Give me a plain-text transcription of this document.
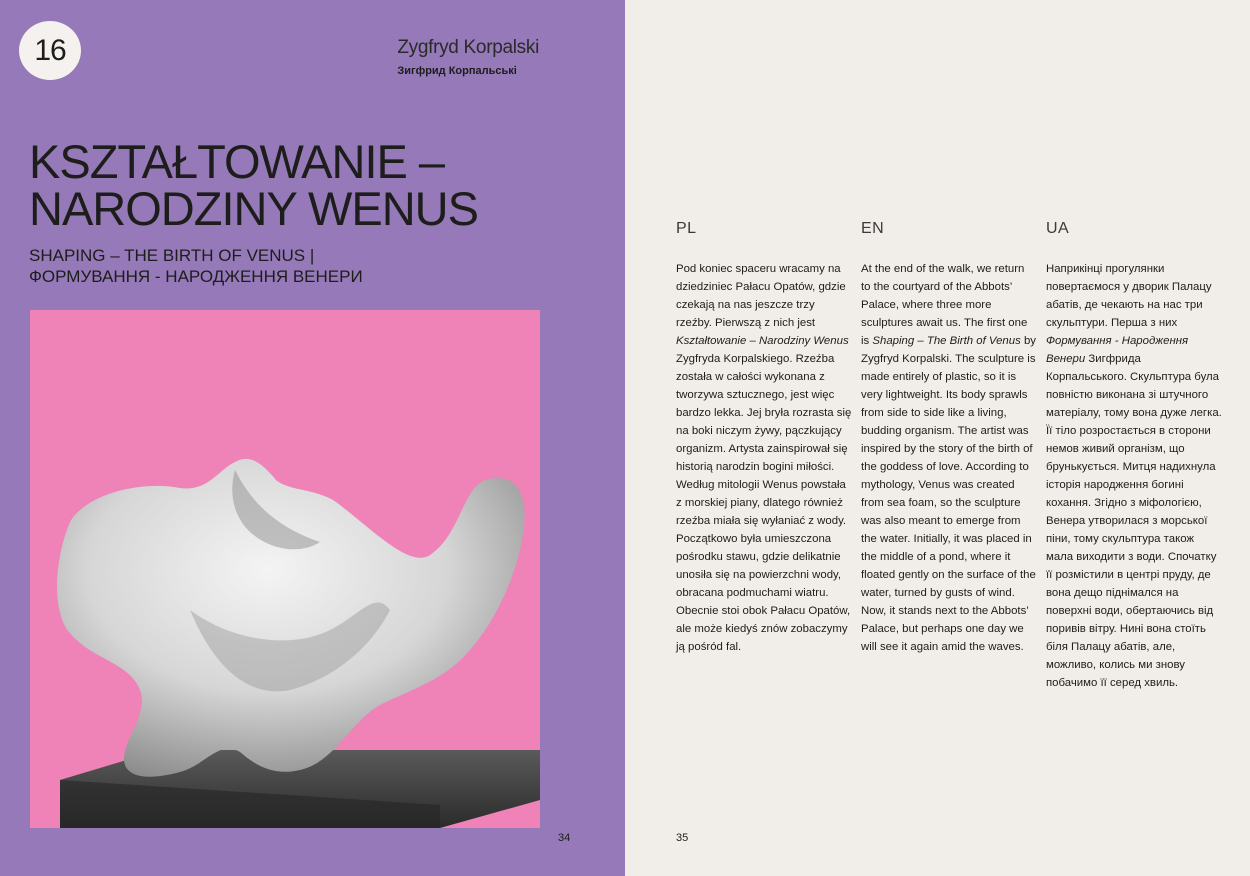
16	Zygfryd Korpalski
Зигфрид Корпальські
KSZTAŁTOWANIE –
NARODZINY WENUS
SHAPING – THE BIRTH OF VENUS |
ФОРМУВАННЯ - НАРОДЖЕННЯ ВЕНЕРИ
34
PL
Pod koniec spaceru wracamy na dziedziniec Pałacu Opatów, gdzie czekają na nas jeszcze trzy rzeźby. Pierwszą z nich jest Kształtowanie – Narodziny Wenus Zygfryda Korpalskiego. Rzeźba została w całości wykonana z tworzywa sztucznego, jest więc bardzo lekka. Jej bryła rozrasta się na boki niczym żywy, pączkujący organizm. Artysta zainspirował się historią narodzin bogini miłości. Według mitologii Wenus powstała z morskiej piany, dlatego również rzeźba miała się wyłaniać z wody. Początkowo była umieszczona pośrodku stawu, gdzie delikatnie unosiła się na powierzchni wody, obracana podmuchami wiatru. Obecnie stoi obok Pałacu Opatów, ale może kiedyś znów zobaczymy ją pośród fal.
EN
At the end of the walk, we return to the courtyard of the Abbots’ Palace, where three more sculptures await us. The first one is Shaping – The Birth of Venus by Zygfryd Korpalski. The sculpture is made entirely of plastic, so it is very lightweight. Its body sprawls from side to side like a living, budding organism. The artist was inspired by the story of the birth of the goddess of love. According to mythology, Venus was created from sea foam, so the sculpture was also meant to emerge from the water. Initially, it was placed in the middle of a pond, where it floated gently on the surface of the water, turned by gusts of wind. Now, it stands next to the Abbots’ Palace, but perhaps one day we will see it again amid the waves.
UA
Наприкінці прогулянки повертаємося у дворик Палацу абатів, де чекають на нас три скульптури. Перша з них Формування - Народження Венери Зигфрида Корпальського. Скульптура була повністю виконана зі штучного матеріалу, тому вона дуже легка. Її тіло розростається в сторони немов живий організм, що брунькується. Митця надихнула історія народження богині кохання. Згідно з міфологією, Венера утворилася з морської піни, тому скульптура також мала виходити з води. Спочатку її розмістили в центрі пруду, де вона дещо піднімался на поверхні води, обертаючись від поривів вітру. Нині вона стоїть біля Палацу абатів, але, можливо, колись ми знову побачимо її серед хвиль.
35
